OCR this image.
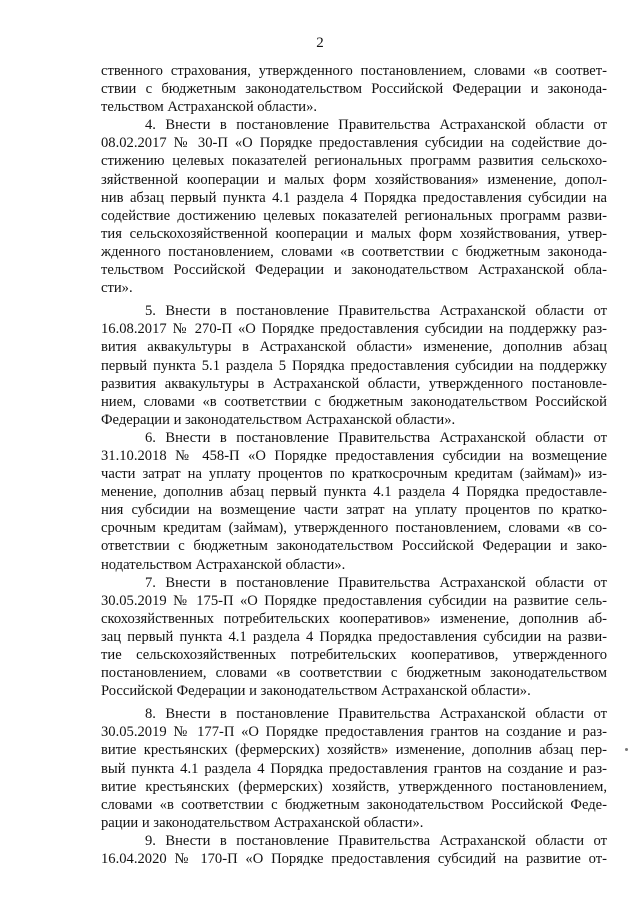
2
ственного страхования, утвержденного постановлением, словами «в соответ-
ствии с бюджетным законодательством Российской Федерации и законода-
тельством Астраханской области».
4. Внести в постановление Правительства Астраханской области от
08.02.2017 № 30-П «О Порядке предоставления субсидии на содействие до-
стижению целевых показателей региональных программ развития сельскохо-
зяйственной кооперации и малых форм хозяйствования» изменение, допол-
нив абзац первый пункта 4.1 раздела 4 Порядка предоставления субсидии на
содействие достижению целевых показателей региональных программ разви-
тия сельскохозяйственной кооперации и малых форм хозяйствования, утвер-
жденного постановлением, словами «в соответствии с бюджетным законода-
тельством Российской Федерации и законодательством Астраханской обла-
сти».
5. Внести в постановление Правительства Астраханской области от
16.08.2017 № 270-П «О Порядке предоставления субсидии на поддержку раз-
вития аквакультуры в Астраханской области» изменение, дополнив абзац
первый пункта 5.1 раздела 5 Порядка предоставления субсидии на поддержку
развития аквакультуры в Астраханской области, утвержденного постановле-
нием, словами «в соответствии с бюджетным законодательством Российской
Федерации и законодательством Астраханской области».
6. Внести в постановление Правительства Астраханской области от
31.10.2018 № 458-П «О Порядке предоставления субсидии на возмещение
части затрат на уплату процентов по краткосрочным кредитам (займам)» из-
менение, дополнив абзац первый пункта 4.1 раздела 4 Порядка предоставле-
ния субсидии на возмещение части затрат на уплату процентов по кратко-
срочным кредитам (займам), утвержденного постановлением, словами «в со-
ответствии с бюджетным законодательством Российской Федерации и зако-
нодательством Астраханской области».
7. Внести в постановление Правительства Астраханской области от
30.05.2019 № 175-П «О Порядке предоставления субсидии на развитие сель-
скохозяйственных потребительских кооперативов» изменение, дополнив аб-
зац первый пункта 4.1 раздела 4 Порядка предоставления субсидии на разви-
тие сельскохозяйственных потребительских кооперативов, утвержденного
постановлением, словами «в соответствии с бюджетным законодательством
Российской Федерации и законодательством Астраханской области».
8. Внести в постановление Правительства Астраханской области от
30.05.2019 № 177-П «О Порядке предоставления грантов на создание и раз-
витие крестьянских (фермерских) хозяйств» изменение, дополнив абзац пер-
вый пункта 4.1 раздела 4 Порядка предоставления грантов на создание и раз-
витие крестьянских (фермерских) хозяйств, утвержденного постановлением,
словами «в соответствии с бюджетным законодательством Российской Феде-
рации и законодательством Астраханской области».
9. Внести в постановление Правительства Астраханской области от
16.04.2020 № 170-П «О Порядке предоставления субсидий на развитие от-
